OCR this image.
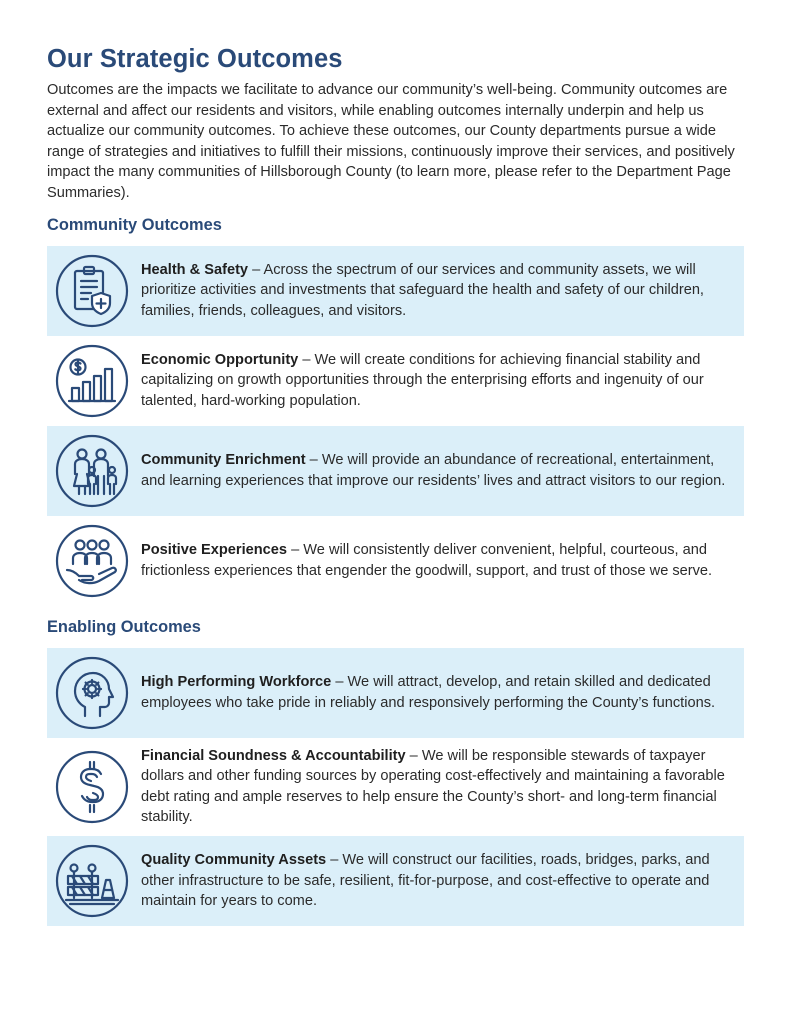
Our Strategic Outcomes

Outcomes are the impacts we facilitate to advance our community’s well-being. Community outcomes are external and affect our residents and visitors, while enabling outcomes internally underpin and help us actualize our community outcomes. To achieve these outcomes, our County departments pursue a wide range of strategies and initiatives to fulfill their missions, continuously improve their services, and positively impact the many communities of Hillsborough County (to learn more, please refer to the Department Page Summaries).

Community Outcomes
Health & Safety – Across the spectrum of our services and community assets, we will prioritize activities and investments that safeguard the health and safety of our children, families, friends, colleagues, and visitors.
Economic Opportunity – We will create conditions for achieving financial stability and capitalizing on growth opportunities through the enterprising efforts and ingenuity of our talented, hard-working population.
Community Enrichment – We will provide an abundance of recreational, entertainment, and learning experiences that improve our residents’ lives and attract visitors to our region.
Positive Experiences – We will consistently deliver convenient, helpful, courteous, and frictionless experiences that engender the goodwill, support, and trust of those we serve.
Enabling Outcomes
High Performing Workforce – We will attract, develop, and retain skilled and dedicated employees who take pride in reliably and responsively performing the County’s functions.
Financial Soundness & Accountability – We will be responsible stewards of taxpayer dollars and other funding sources by operating cost-effectively and maintaining a favorable debt rating and ample reserves to help ensure the County’s short- and long-term financial stability.
Quality Community Assets – We will construct our facilities, roads, bridges, parks, and other infrastructure to be safe, resilient, fit-for-purpose, and cost-effective to operate and maintain for years to come.
